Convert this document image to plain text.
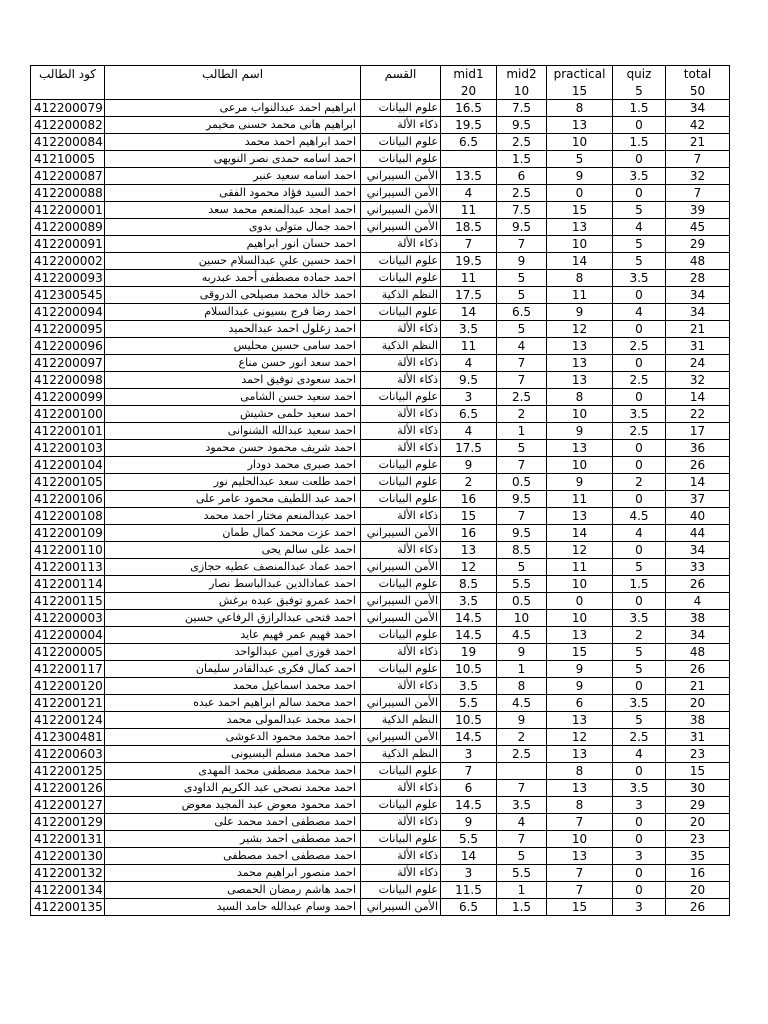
كود الطالب	اسم الطالب	القسم	mid1	mid2	practical	quiz	total
			20	10	15	5	50
412200079	ابراهيم احمد عبدالنواب مرعى	علوم البيانات	16.5	7.5	8	1.5	34
412200082	ابراهيم هانى محمد حسنى مخيمر	ذكاء الألة	19.5	9.5	13	0	42
412200084	احمد ابراهيم احمد محمد	علوم البيانات	6.5	2.5	10	1.5	21
41210005	احمد اسامه حمدى نصر النويهى	علوم البيانات		1.5	5	0	7
412200087	احمد اسامه سعيد عنبر	الأمن السيبراني	13.5	6	9	3.5	32
412200088	احمد السيد فؤاد محمود الفقى	الأمن السيبراني	4	2.5	0	0	7
412200001	احمد امجد عبدالمنعم محمد سعد	الأمن السيبراني	11	7.5	15	5	39
412200089	احمد جمال متولى بدوى	الأمن السيبراني	18.5	9.5	13	4	45
412200091	احمد حسان انور ابراهيم	ذكاء الألة	7	7	10	5	29
412200002	احمد حسين علي عبدالسلام حسين	علوم البيانات	19.5	9	14	5	48
412200093	احمد حماده مصطفى أحمد عبدربه	علوم البيانات	11	5	8	3.5	28
412300545	احمد خالد محمد مصيلحى الدروقى	النظم الذكية	17.5	5	11	0	34
412200094	احمد رضا فرج بسيونى عبدالسلام	علوم البيانات	14	6.5	9	4	34
412200095	احمد زغلول احمد عبدالحميد	ذكاء الألة	3.5	5	12	0	21
412200096	احمد سامى حسين محليس	النظم الذكية	11	4	13	2.5	31
412200097	احمد سعد انور حسن مناع	ذكاء الألة	4	7	13	0	24
412200098	احمد سعودى توفيق احمد	ذكاء الألة	9.5	7	13	2.5	32
412200099	احمد سعيد حسن الشامى	علوم البيانات	3	2.5	8	0	14
412200100	احمد سعيد حلمى حشيش	ذكاء الألة	6.5	2	10	3.5	22
412200101	احمد سعيد عبدالله الشنوانى	ذكاء الألة	4	1	9	2.5	17
412200103	احمد شريف محمود حسن محمود	ذكاء الألة	17.5	5	13	0	36
412200104	احمد صبرى محمد دودار	علوم البيانات	9	7	10	0	26
412200105	احمد طلعت سعد عبدالحليم نور	علوم البيانات	2	0.5	9	2	14
412200106	احمد عبد اللطيف محمود عامر على	علوم البيانات	16	9.5	11	0	37
412200108	احمد عبدالمنعم مختار احمد محمد	ذكاء الألة	15	7	13	4.5	40
412200109	احمد عزت محمد كمال طمان	الأمن السيبراني	16	9.5	14	4	44
412200110	احمد على سالم يحى	ذكاء الألة	13	8.5	12	0	34
412200113	احمد عماد عبدالمنصف عطيه حجازى	الأمن السيبراني	12	5	11	5	33
412200114	احمد عمادالدين عبدالباسط نصار	علوم البيانات	8.5	5.5	10	1.5	26
412200115	احمد عمرو توفيق عبده برغش	الأمن السيبراني	3.5	0.5	0	0	4
412200003	احمد فتحى عبدالرازق الرفاعي حسين	الأمن السيبراني	14.5	10	10	3.5	38
412200004	احمد فهيم عمر فهيم عايد	علوم البيانات	14.5	4.5	13	2	34
412200005	احمد فوزى امين عبدالواحد	ذكاء الألة	19	9	15	5	48
412200117	احمد كمال فكرى عبدالقادر سليمان	علوم البيانات	10.5	1	9	5	26
412200120	احمد محمد اسماعيل محمد	ذكاء الألة	3.5	8	9	0	21
412200121	احمد محمد سالم ابراهيم احمد عبده	الأمن السيبراني	5.5	4.5	6	3.5	20
412200124	احمد محمد عبدالمولى محمد	النظم الذكية	10.5	9	13	5	38
412300481	احمد محمد محمود الدعوشى	الأمن السيبراني	14.5	2	12	2.5	31
412200603	احمد محمد مسلم البسيونى	النظم الذكية	3	2.5	13	4	23
412200125	احمد محمد مصطفى محمد المهدى	علوم البيانات	7		8	0	15
412200126	احمد محمد نصحى عبد الكريم الداودى	ذكاء الألة	6	7	13	3.5	30
412200127	احمد محمود معوض عبد المجيد معوض	علوم البيانات	14.5	3.5	8	3	29
412200129	احمد مصطفى احمد محمد على	ذكاء الألة	9	4	7	0	20
412200131	احمد مصطفى احمد بشير	علوم البيانات	5.5	7	10	0	23
412200130	احمد مصطفى احمد مصطفى	ذكاء الألة	14	5	13	3	35
412200132	احمد منصور ابراهيم محمد	ذكاء الألة	3	5.5	7	0	16
412200134	احمد هاشم رمضان الحمصى	علوم البيانات	11.5	1	7	0	20
412200135	احمد وسام عبدالله حامد السيد	الأمن السيبراني	6.5	1.5	15	3	26
